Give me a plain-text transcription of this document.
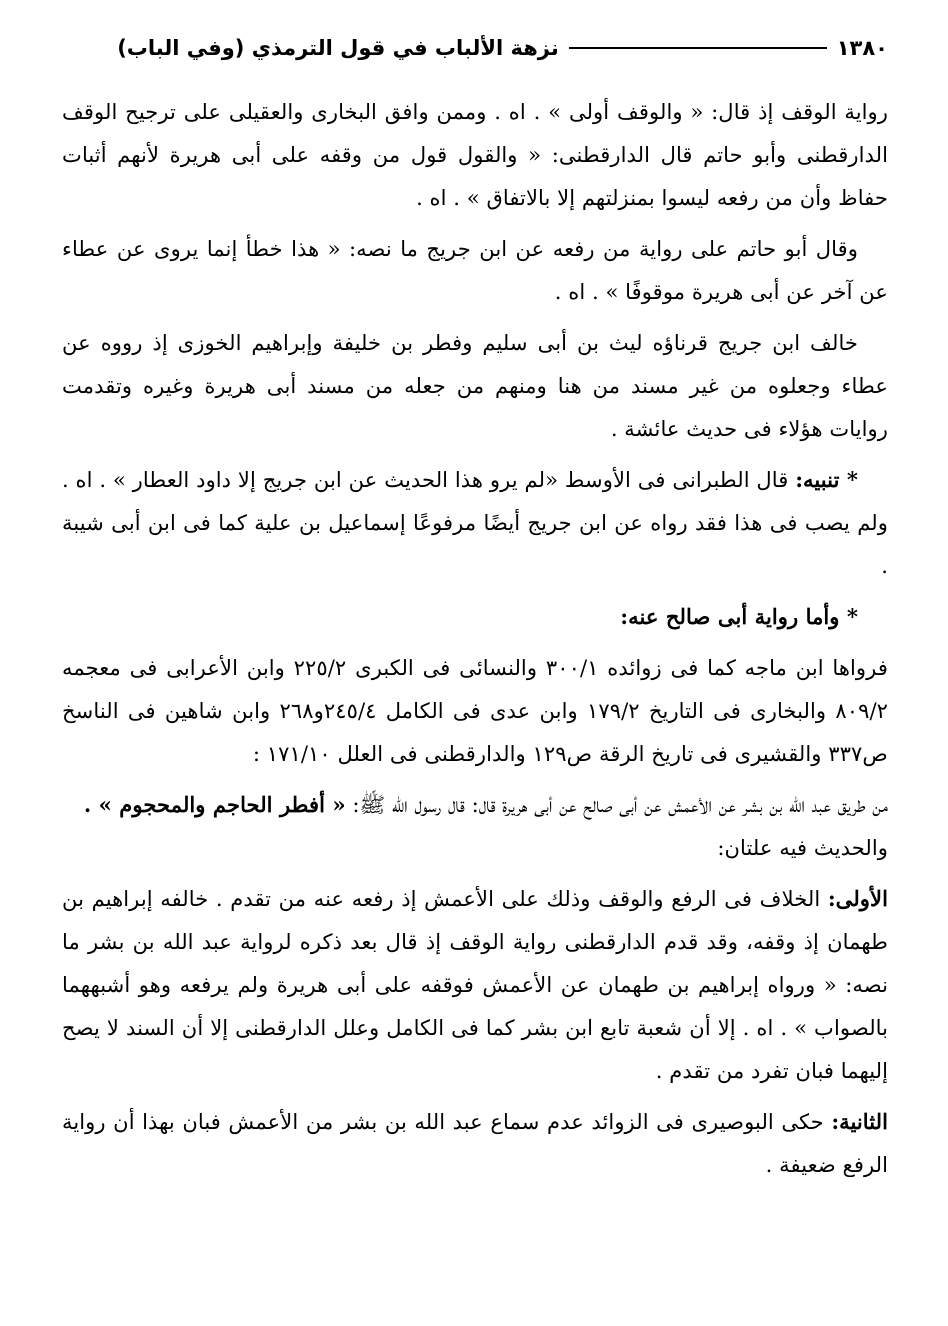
١٣٨٠
نزهة الألباب في قول الترمذي (وفي الباب)

رواية الوقف إذ قال: « والوقف أولى » . اه . وممن وافق البخارى والعقيلى على ترجيح الوقف الدارقطنى وأبو حاتم قال الدارقطنى: « والقول قول من وقفه على أبى هريرة لأنهم أثبات حفاظ وأن من رفعه ليسوا بمنزلتهم إلا بالاتفاق » . اه .

وقال أبو حاتم على رواية من رفعه عن ابن جريج ما نصه: « هذا خطأ إنما يروى عن عطاء عن آخر عن أبى هريرة موقوفًا » . اه .

خالف ابن جريج قرناؤه ليث بن أبى سليم وفطر بن خليفة وإبراهيم الخوزى إذ رووه عن عطاء وجعلوه من غير مسند من هنا ومنهم من جعله من مسند أبى هريرة وغيره وتقدمت روايات هؤلاء فى حديث عائشة .

* تنبيه: قال الطبرانى فى الأوسط «لم يرو هذا الحديث عن ابن جريج إلا داود العطار » . اه . ولم يصب فى هذا فقد رواه عن ابن جريج أيضًا مرفوعًا إسماعيل بن علية كما فى ابن أبى شيبة .

* وأما رواية أبى صالح عنه:

فرواها ابن ماجه كما فى زوائده ٣٠٠/١ والنسائى فى الكبرى ٢٢٥/٢ وابن الأعرابى فى معجمه ٨٠٩/٢ والبخارى فى التاريخ ١٧٩/٢ وابن عدى فى الكامل ٢٤٥/٤و٢٦٨ وابن شاهين فى الناسخ ص٣٣٧ والقشيرى فى تاريخ الرقة ص١٢٩ والدارقطنى فى العلل ١٧١/١٠ :

من طريق عبد الله بن بشر عن الأعمش عن أبى صالح عن أبى هريرة قال: قال رسول الله ﷺ: « أفطر الحاجم والمحجوم » .

والحديث فيه علتان:

الأولى: الخلاف فى الرفع والوقف وذلك على الأعمش إذ رفعه عنه من تقدم . خالفه إبراهيم بن طهمان إذ وقفه، وقد قدم الدارقطنى رواية الوقف إذ قال بعد ذكره لرواية عبد الله بن بشر ما نصه: « ورواه إبراهيم بن طهمان عن الأعمش فوقفه على أبى هريرة ولم يرفعه وهو أشبههما بالصواب » . اه . إلا أن شعبة تابع ابن بشر كما فى الكامل وعلل الدارقطنى إلا أن السند لا يصح إليهما فبان تفرد من تقدم .

الثانية: حكى البوصيرى فى الزوائد عدم سماع عبد الله بن بشر من الأعمش فبان بهذا أن رواية الرفع ضعيفة .
